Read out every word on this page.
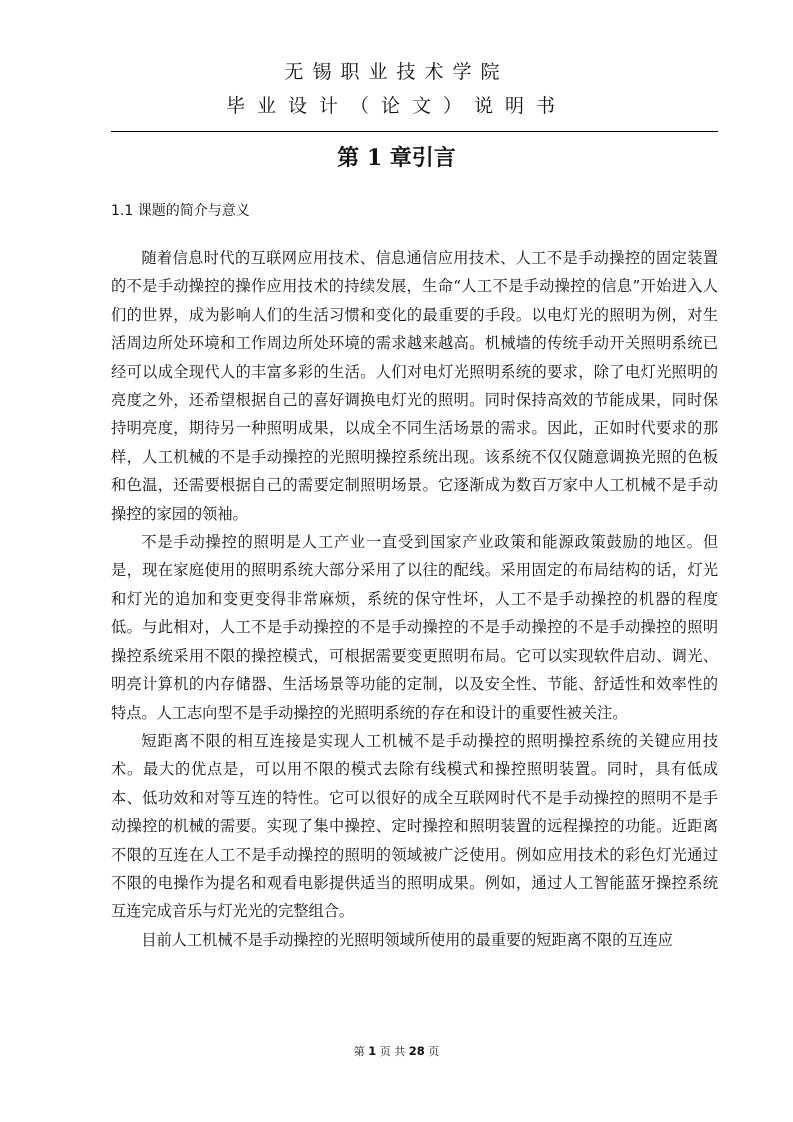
无锡职业技术学院
毕业设计（论文）说明书
第 1 章引言
1.1 课题的简介与意义

随着信息时代的互联网应用技术、信息通信应用技术、人工不是手动操控的固定装置的不是手动操控的操作应用技术的持续发展，生命“人工不是手动操控的信息”开始进入人们的世界，成为影响人们的生活习惯和变化的最重要的手段。以电灯光的照明为例，对生活周边所处环境和工作周边所处环境的需求越来越高。机械墙的传统手动开关照明系统已经可以成全现代人的丰富多彩的生活。人们对电灯光照明系统的要求，除了电灯光照明的亮度之外，还希望根据自己的喜好调换电灯光的照明。同时保持高效的节能成果，同时保持明亮度，期待另一种照明成果，以成全不同生活场景的需求。因此，正如时代要求的那样，人工机械的不是手动操控的光照明操控系统出现。该系统不仅仅随意调换光照的色板和色温，还需要根据自己的需要定制照明场景。它逐渐成为数百万家中人工机械不是手动操控的家园的领袖。

不是手动操控的照明是人工产业一直受到国家产业政策和能源政策鼓励的地区。但是，现在家庭使用的照明系统大部分采用了以往的配线。采用固定的布局结构的话，灯光和灯光的追加和变更变得非常麻烦，系统的保守性坏，人工不是手动操控的机器的程度低。与此相对，人工不是手动操控的不是手动操控的不是手动操控的不是手动操控的照明操控系统采用不限的操控模式，可根据需要变更照明布局。它可以实现软件启动、调光、明亮计算机的内存储器、生活场景等功能的定制，以及安全性、节能、舒适性和效率性的特点。人工志向型不是手动操控的光照明系统的存在和设计的重要性被关注。

短距离不限的相互连接是实现人工机械不是手动操控的照明操控系统的关键应用技术。最大的优点是，可以用不限的模式去除有线模式和操控照明装置。同时，具有低成本、低功效和对等互连的特性。它可以很好的成全互联网时代不是手动操控的照明不是手动操控的机械的需要。实现了集中操控、定时操控和照明装置的远程操控的功能。近距离不限的互连在人工不是手动操控的照明的领域被广泛使用。例如应用技术的彩色灯光通过不限的电操作为提名和观看电影提供适当的照明成果。例如，通过人工智能蓝牙操控系统互连完成音乐与灯光光的完整组合。

目前人工机械不是手动操控的光照明领域所使用的最重要的短距离不限的互连应

第 1 页 共 28 页
